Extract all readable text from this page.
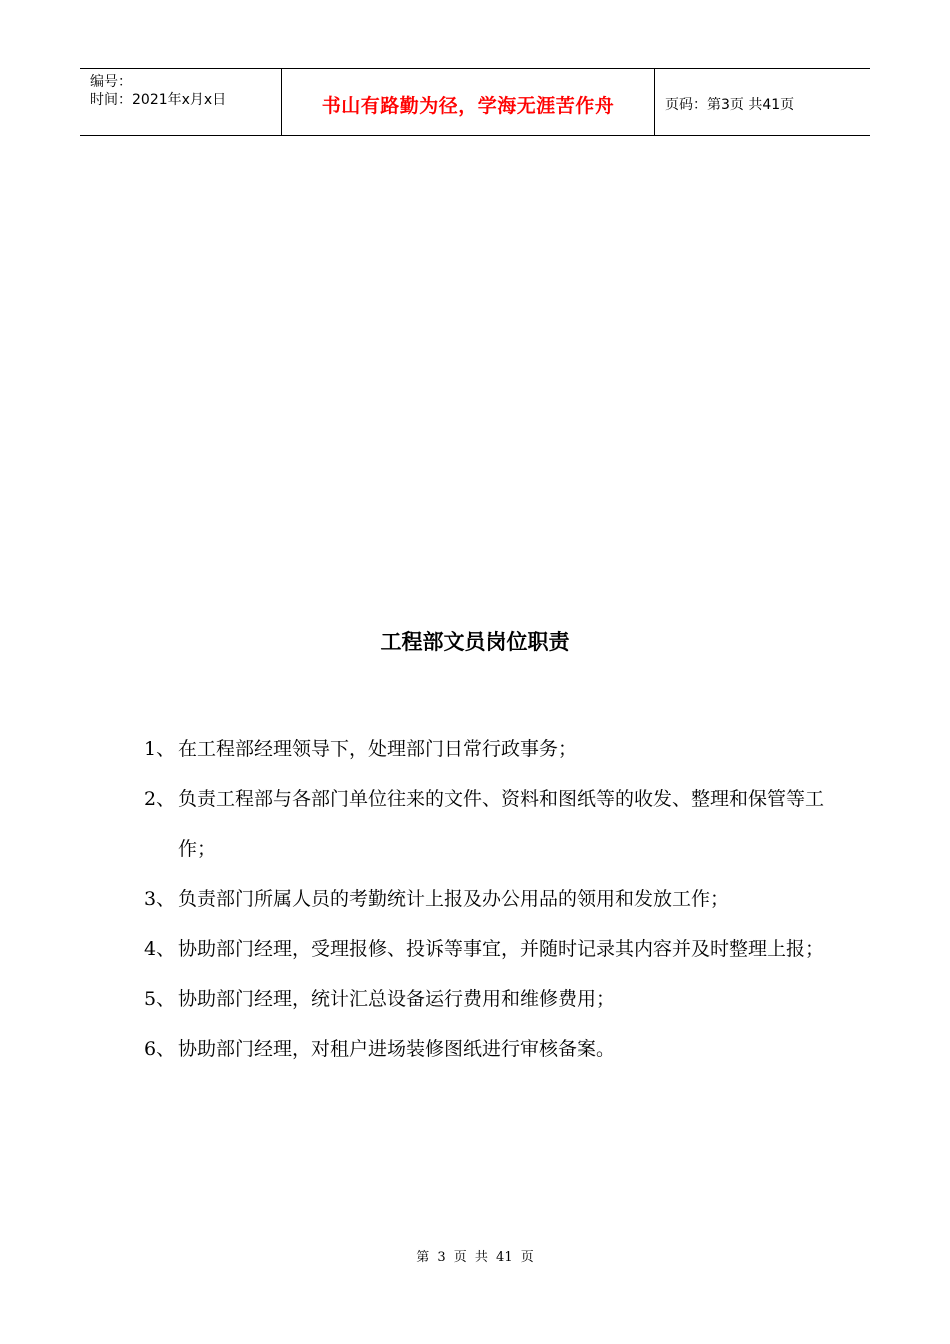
编号：
时间：2021年x月x日	书山有路勤为径，学海无涯苦作舟	页码：第3页 共41页
工程部文员岗位职责
1、 在工程部经理领导下，处理部门日常行政事务；
2、 负责工程部与各部门单位往来的文件、资料和图纸等的收发、整理和保管等工作；
3、 负责部门所属人员的考勤统计上报及办公用品的领用和发放工作；
4、 协助部门经理，受理报修、投诉等事宜，并随时记录其内容并及时整理上报；
5、 协助部门经理，统计汇总设备运行费用和维修费用；
6、 协助部门经理，对租户进场装修图纸进行审核备案。
第 3 页 共 41 页
